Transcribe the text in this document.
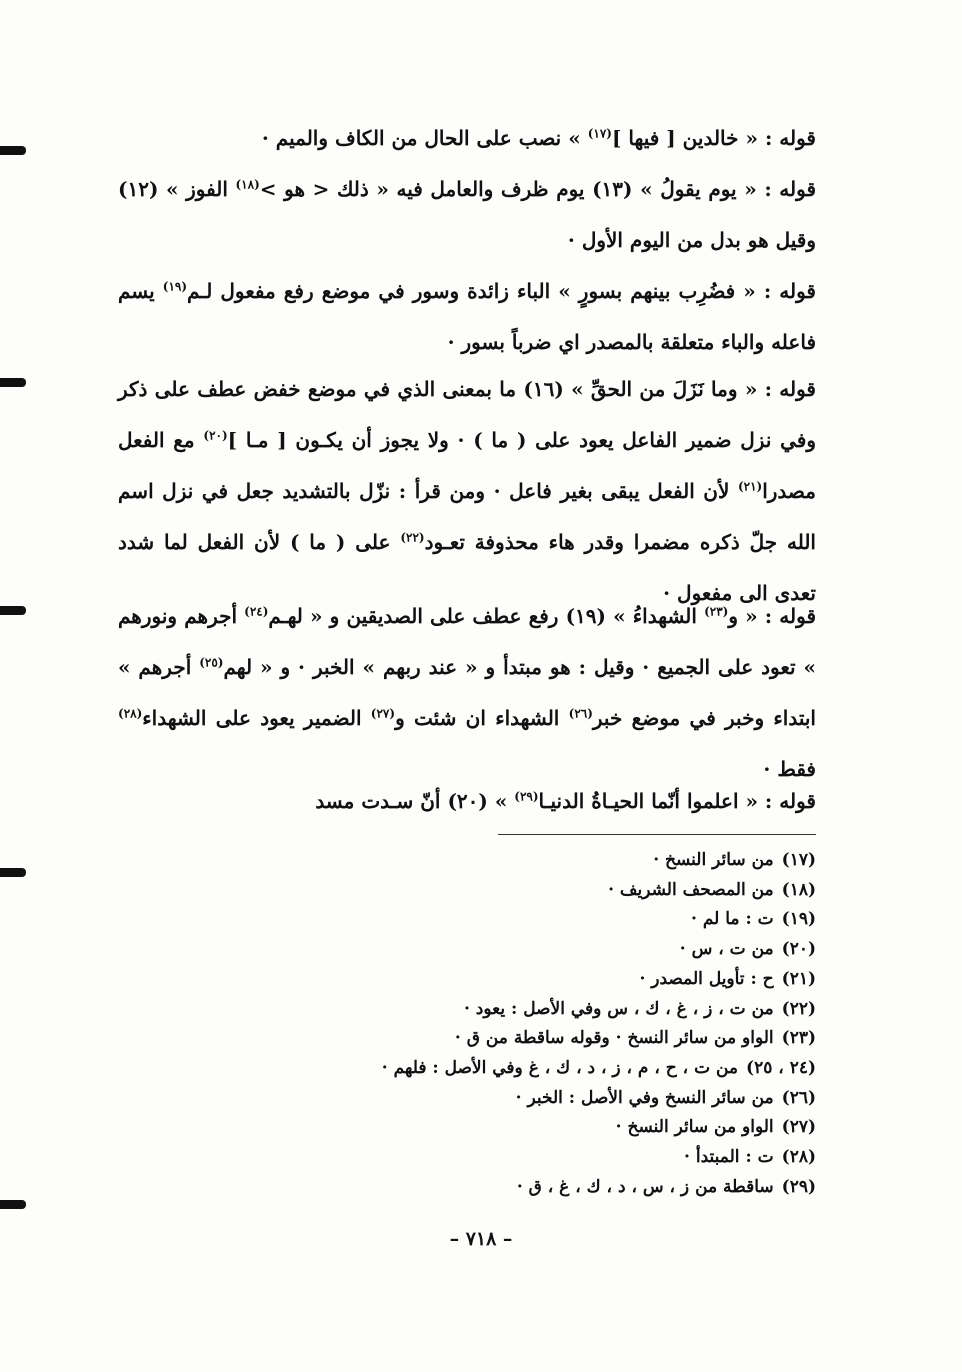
قوله : « خالدين [ فيها ]$^{(١٧)}$ » نصب على الحال من الكاف والميم ·
قوله : « يوم يقولُ » (١٣) يوم ظرف والعامل فيه « ذلك < هو >$^{(١٨)}$ الفوز » (١٢) وقيل هو بدل من اليوم الأول ·
قوله : « فضُرِب بينهم بسورٍ » الباء زائدة وسور في موضع رفع مفعول لـم$^{(١٩)}$ يسم فاعله والباء متعلقة بالمصدر اي ضرباً بسور ·
قوله : « وما نَزَلَ من الحقِّ » (١٦) ما بمعنى الذي في موضع خفض عطف على ذكر وفي نزل ضمير الفاعل يعود على ( ما ) · ولا يجوز أن يكـون [ مـا ]$^{(٢٠)}$ مع الفعل مصدرا$^{(٢١)}$ لأن الفعل يبقى بغير فاعل · ومن قرأ : نزّل بالتشديد جعل في نزل اسم الله جلّ ذكره مضمرا وقدر هاء محذوفة تعـود$^{(٢٢)}$ على ( ما ) لأن الفعل لما شدد تعدى الى مفعول ·
قوله : « و$^{(٢٣)}$ الشهداءُ » (١٩) رفع عطف على الصديقين و « لهـم$^{(٢٤)}$ أجرهم ونورهم » تعود على الجميع · وقيل : هو مبتدأ و « عند ربهم » الخبر · و « لهم$^{(٢٥)}$ أجرهم » ابتداء وخبر في موضع خبر$^{(٢٦)}$ الشهداء ان شئت و$^{(٢٧)}$ الضمير يعود على الشهداء$^{(٢٨)}$ فقط ·
قوله : « اعلموا أنّما الحيـاةُ الدنيـا$^{(٢٩)}$ » (٢٠) أنّ سـدت مسد
(١٧)من سائر النسخ ·
(١٨)من المصحف الشريف ·
(١٩)ت : ما لم ·
(٢٠)من ت ، س ·
(٢١)ح : تأويل المصدر ·
(٢٢)من ت ، ز ، غ ، ك ، س وفي الأصل : يعود ·
(٢٣)الواو من سائر النسخ · وقوله ساقطة من ق ·
(٢٤ ، ٢٥)من ت ، ح ، م ، ز ، د ، ك ، غ وفي الأصل : فلهم ·
(٢٦)من سائر النسخ وفي الأصل : الخبر ·
(٢٧)الواو من سائر النسخ ·
(٢٨)ت : المبتدأ ·
(٢٩)ساقطة من ز ، س ، د ، ك ، غ ، ق ·
– ٧١٨ –
